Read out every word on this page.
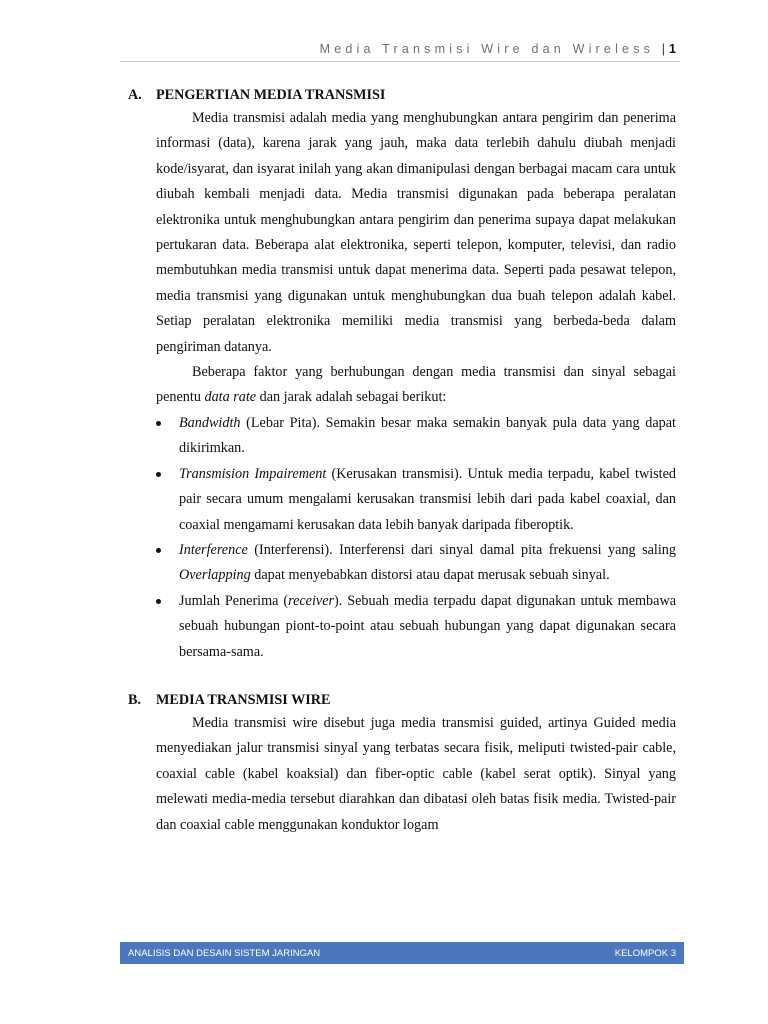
Media Transmisi Wire dan Wireless | 1
A. PENGERTIAN MEDIA TRANSMISI
Media transmisi adalah media yang menghubungkan antara pengirim dan penerima informasi (data), karena jarak yang jauh, maka data terlebih dahulu diubah menjadi kode/isyarat, dan isyarat inilah yang akan dimanipulasi dengan berbagai macam cara untuk diubah kembali menjadi data. Media transmisi digunakan pada beberapa peralatan elektronika untuk menghubungkan antara pengirim dan penerima supaya dapat melakukan pertukaran data. Beberapa alat elektronika, seperti telepon, komputer, televisi, dan radio membutuhkan media transmisi untuk dapat menerima data. Seperti pada pesawat telepon, media transmisi yang digunakan untuk menghubungkan dua buah telepon adalah kabel. Setiap peralatan elektronika memiliki media transmisi yang berbeda-beda dalam pengiriman datanya.
Beberapa faktor yang berhubungan dengan media transmisi dan sinyal sebagai penentu data rate dan jarak adalah sebagai berikut:
Bandwidth (Lebar Pita). Semakin besar maka semakin banyak pula data yang dapat dikirimkan.
Transmision Impairement (Kerusakan transmisi). Untuk media terpadu, kabel twisted pair secara umum mengalami kerusakan transmisi lebih dari pada kabel coaxial, dan coaxial mengamami kerusakan data lebih banyak daripada fiberoptik.
Interference (Interferensi). Interferensi dari sinyal damal pita frekuensi yang saling Overlapping dapat menyebabkan distorsi atau dapat merusak sebuah sinyal.
Jumlah Penerima (receiver). Sebuah media terpadu dapat digunakan untuk membawa sebuah hubungan piont-to-point atau sebuah hubungan yang dapat digunakan secara bersama-sama.
B. MEDIA TRANSMISI WIRE
Media transmisi wire disebut juga media transmisi guided, artinya Guided media menyediakan jalur transmisi sinyal yang terbatas secara fisik, meliputi twisted-pair cable, coaxial cable (kabel koaksial) dan fiber-optic cable (kabel serat optik). Sinyal yang melewati media-media tersebut diarahkan dan dibatasi oleh batas fisik media. Twisted-pair dan coaxial cable menggunakan konduktor logam
ANALISIS DAN DESAIN SISTEM JARINGAN	KELOMPOK 3
